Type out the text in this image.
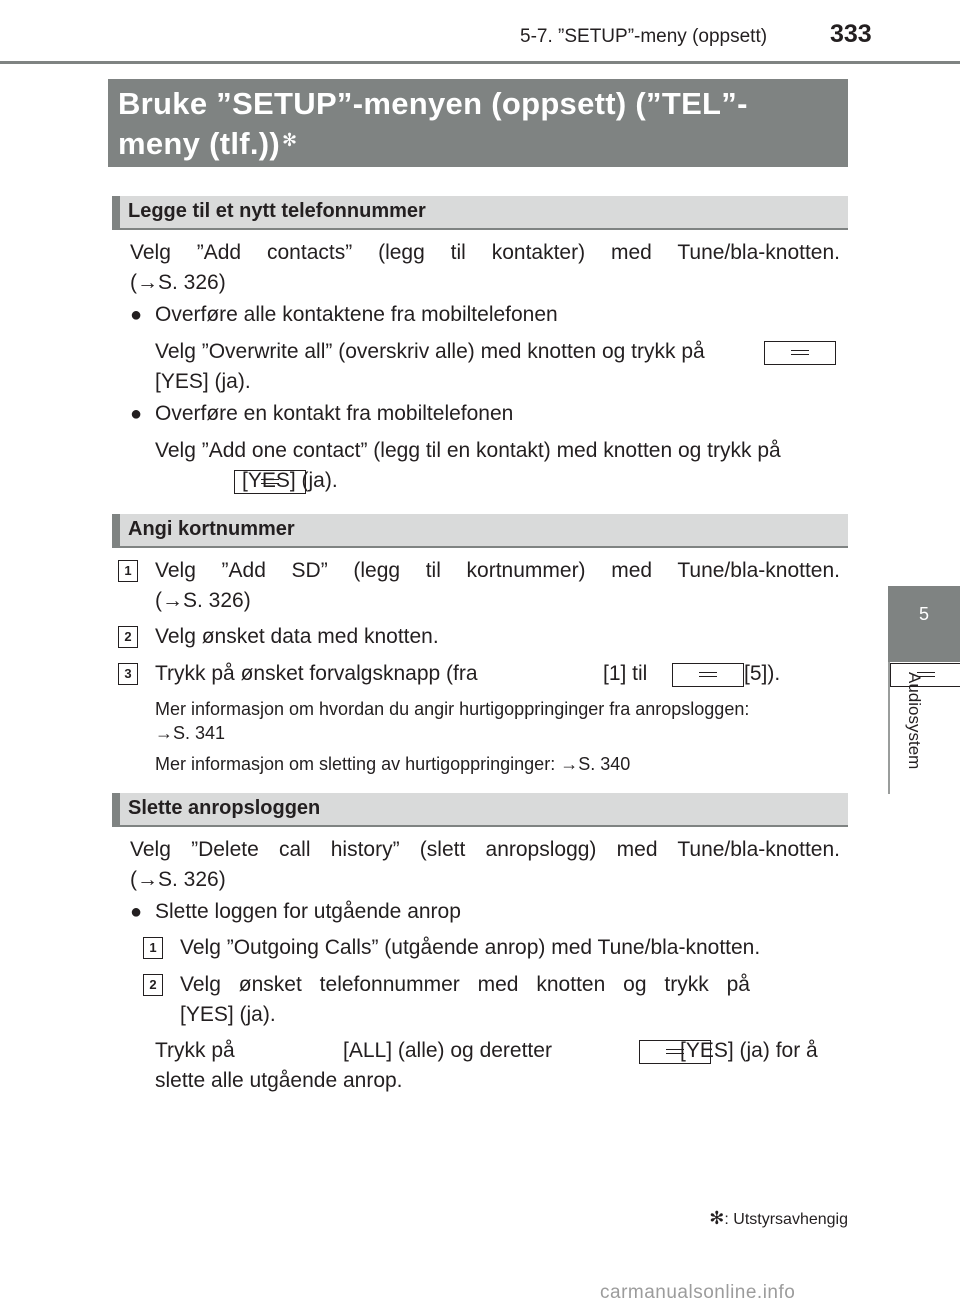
5-7. ”SETUP”-meny (oppsett)	333
5
Audiosystem
Bruke ”SETUP”-menyen (oppsett) (”TEL”-
meny (tlf.)) ✻
Legge til et nytt telefonnummer
Velg ”Add contacts” (legg til kontakter) med Tune/bla-knotten.
(→S. 326)
● Overføre alle kontaktene fra mobiltelefonen
Velg ”Overwrite all” (overskriv alle) med knotten og trykk på

[YES] (ja).
● Overføre en kontakt fra mobiltelefonen
Velg ”Add one contact” (legg til en kontakt) med knotten og trykk på

[YES] (ja).
Angi kortnummer
1	Velg ”Add SD” (legg til kortnummer) med Tune/bla-knotten.
(→S. 326)
2	Velg ønsket data med knotten.
3	Trykk på ønsket forvalgsknapp (fra
	[1] til
	[5]).
Mer informasjon om hvordan du angir hurtigoppringinger fra anropsloggen:
→S. 341
Mer informasjon om sletting av hurtigoppringinger: →S. 340
Slette anropsloggen
Velg ”Delete call history” (slett anropslogg) med Tune/bla-knotten.
(→S. 326)
● Slette loggen for utgående anrop
1	Velg ”Outgoing Calls” (utgående anrop) med Tune/bla-knotten.
2	Velg ønsket telefonnummer med knotten og trykk på

[YES] (ja).
Trykk på
	[ALL] (alle) og deretter	[YES] (ja) for å
slette alle utgående anrop.
✻: Utstyrsavhengig
carmanualsonline.info
